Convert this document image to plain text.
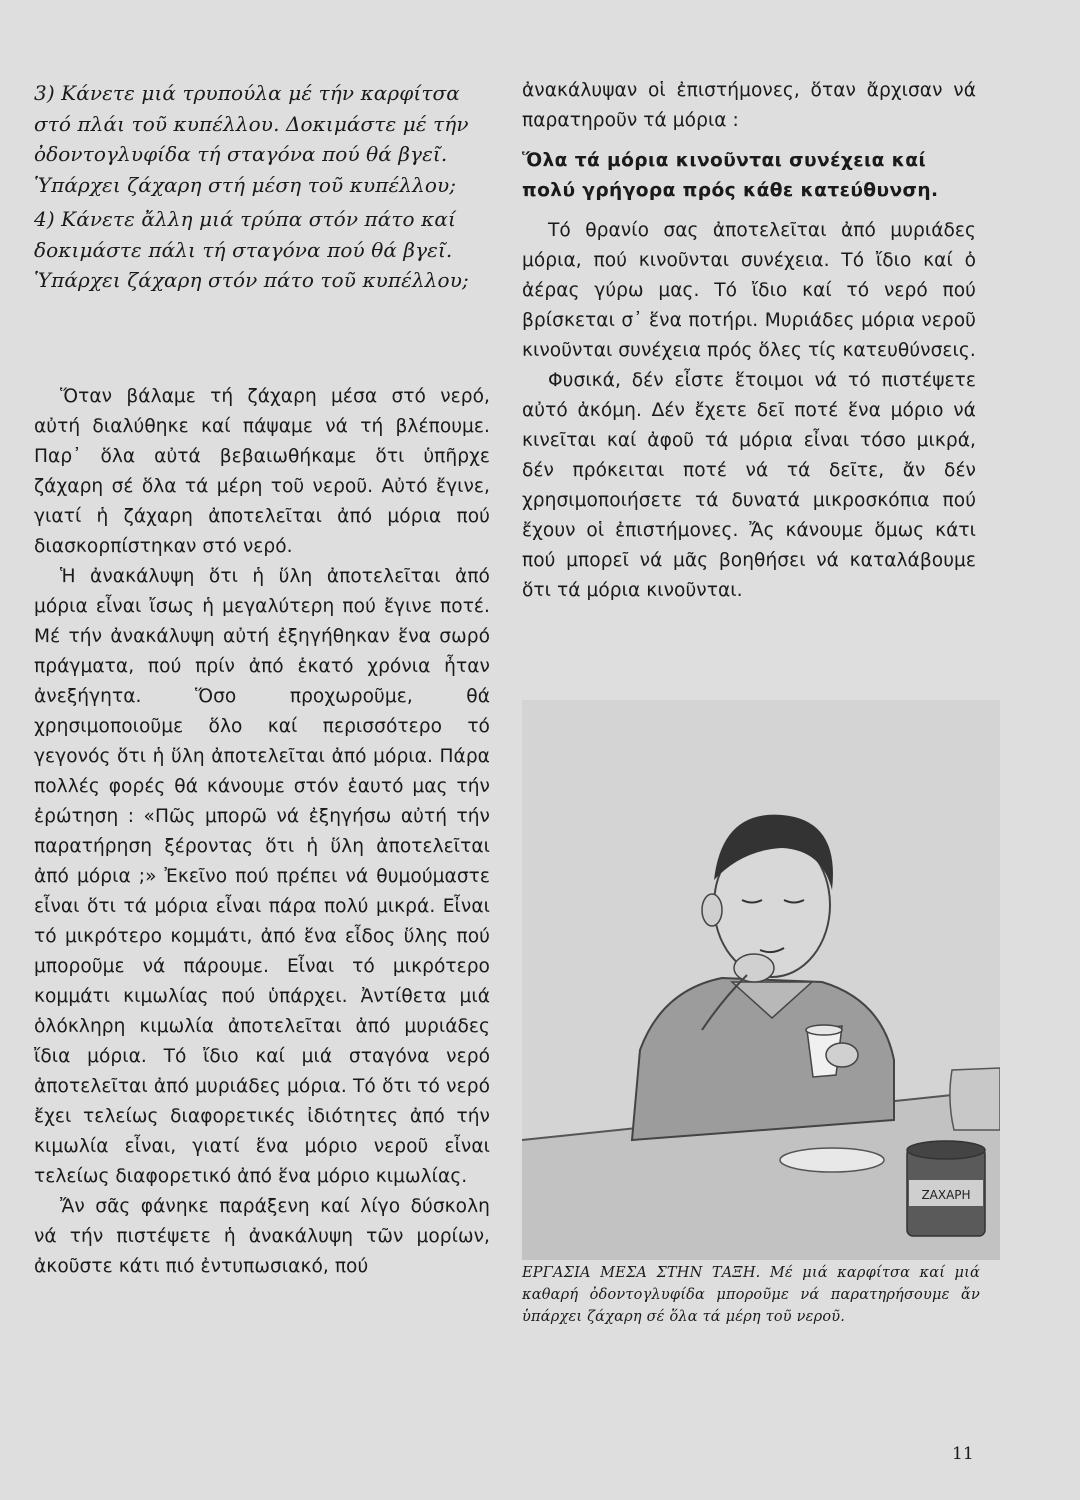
3) Κάνετε μιά τρυπούλα μέ τήν καρφίτσα στό πλάι τοῦ κυπέλλου. Δοκιμάστε μέ τήν ὀδοντογλυφίδα τή σταγόνα πού θά βγεῖ. Ὑπάρχει ζάχαρη στή μέση τοῦ κυπέλλου;

4) Κάνετε ἄλλη μιά τρύπα στόν πάτο καί δοκιμάστε πάλι τή σταγόνα πού θά βγεῖ. Ὑπάρχει ζάχαρη στόν πάτο τοῦ κυπέλλου;

Ὅταν βάλαμε τή ζάχαρη μέσα στό νερό, αὐτή διαλύθηκε καί πάψαμε νά τή βλέπουμε. Παρ᾽ ὅλα αὐτά βεβαιωθήκαμε ὅτι ὑπῆρχε ζάχαρη σέ ὅλα τά μέρη τοῦ νεροῦ. Αὐτό ἔγινε, γιατί ἡ ζάχαρη ἀποτελεῖται ἀπό μόρια πού διασκορπίστηκαν στό νερό.

Ἡ ἀνακάλυψη ὅτι ἡ ὕλη ἀποτελεῖται ἀπό μόρια εἶναι ἴσως ἡ μεγαλύτερη πού ἔγινε ποτέ. Μέ τήν ἀνακάλυψη αὐτή ἐξηγήθηκαν ἕνα σωρό πράγματα, πού πρίν ἀπό ἑκατό χρόνια ἦταν ἀνεξήγητα. Ὅσο προχωροῦμε, θά χρησιμοποιοῦμε ὅλο καί περισσότερο τό γεγονός ὅτι ἡ ὕλη ἀποτελεῖται ἀπό μόρια. Πάρα πολλές φορές θά κάνουμε στόν ἑαυτό μας τήν ἐρώτηση : «Πῶς μπορῶ νά ἐξηγήσω αὐτή τήν παρατήρηση ξέροντας ὅτι ἡ ὕλη ἀποτελεῖται ἀπό μόρια ;» Ἐκεῖνο πού πρέπει νά θυμούμαστε εἶναι ὅτι τά μόρια εἶναι πάρα πολύ μικρά. Εἶναι τό μικρότερο κομμάτι, ἀπό ἕνα εἶδος ὕλης πού μποροῦμε νά πάρουμε. Εἶναι τό μικρότερο κομμάτι κιμωλίας πού ὑπάρχει. Ἀντίθετα μιά ὁλόκληρη κιμωλία ἀποτελεῖται ἀπό μυριάδες ἴδια μόρια. Τό ἴδιο καί μιά σταγόνα νερό ἀποτελεῖται ἀπό μυριάδες μόρια. Τό ὅτι τό νερό ἔχει τελείως διαφορετικές ἰδιότητες ἀπό τήν κιμωλία εἶναι, γιατί ἕνα μόριο νεροῦ εἶναι τελείως διαφορετικό ἀπό ἕνα μόριο κιμωλίας.

Ἄν σᾶς φάνηκε παράξενη καί λίγο δύσκολη νά τήν πιστέψετε ἡ ἀνακάλυψη τῶν μορίων, ἀκοῦστε κάτι πιό ἐντυπωσιακό, πού

ἀνακάλυψαν οἱ ἐπιστήμονες, ὅταν ἄρχισαν νά παρατηροῦν τά μόρια :

Ὅλα τά μόρια κινοῦνται συνέχεια καί πολύ γρήγορα πρός κάθε κατεύθυνση.

Τό θρανίο σας ἀποτελεῖται ἀπό μυριάδες μόρια, πού κινοῦνται συνέχεια. Τό ἴδιο καί ὁ ἀέρας γύρω μας. Τό ἴδιο καί τό νερό πού βρίσκεται σ᾽ ἕνα ποτήρι. Μυριάδες μόρια νεροῦ κινοῦνται συνέχεια πρός ὅλες τίς κατευθύνσεις.

Φυσικά, δέν εἶστε ἕτοιμοι νά τό πιστέψετε αὐτό ἀκόμη. Δέν ἔχετε δεῖ ποτέ ἕνα μόριο νά κινεῖται καί ἀφοῦ τά μόρια εἶναι τόσο μικρά, δέν πρόκειται ποτέ νά τά δεῖτε, ἄν δέν χρησιμοποιήσετε τά δυνατά μικροσκόπια πού ἔχουν οἱ ἐπιστήμονες. Ἄς κάνουμε ὅμως κάτι πού μπορεῖ νά μᾶς βοηθήσει νά καταλάβουμε ὅτι τά μόρια κινοῦνται.

ΖΑΧΑΡΗ
ΕΡΓΑΣΙΑ ΜΕΣΑ ΣΤΗΝ ΤΑΞΗ. Μέ μιά καρφίτσα καί μιά καθαρή ὀδοντογλυφίδα μποροῦμε νά παρατηρήσουμε ἄν ὑπάρχει ζάχαρη σέ ὅλα τά μέρη τοῦ νεροῦ.
11
